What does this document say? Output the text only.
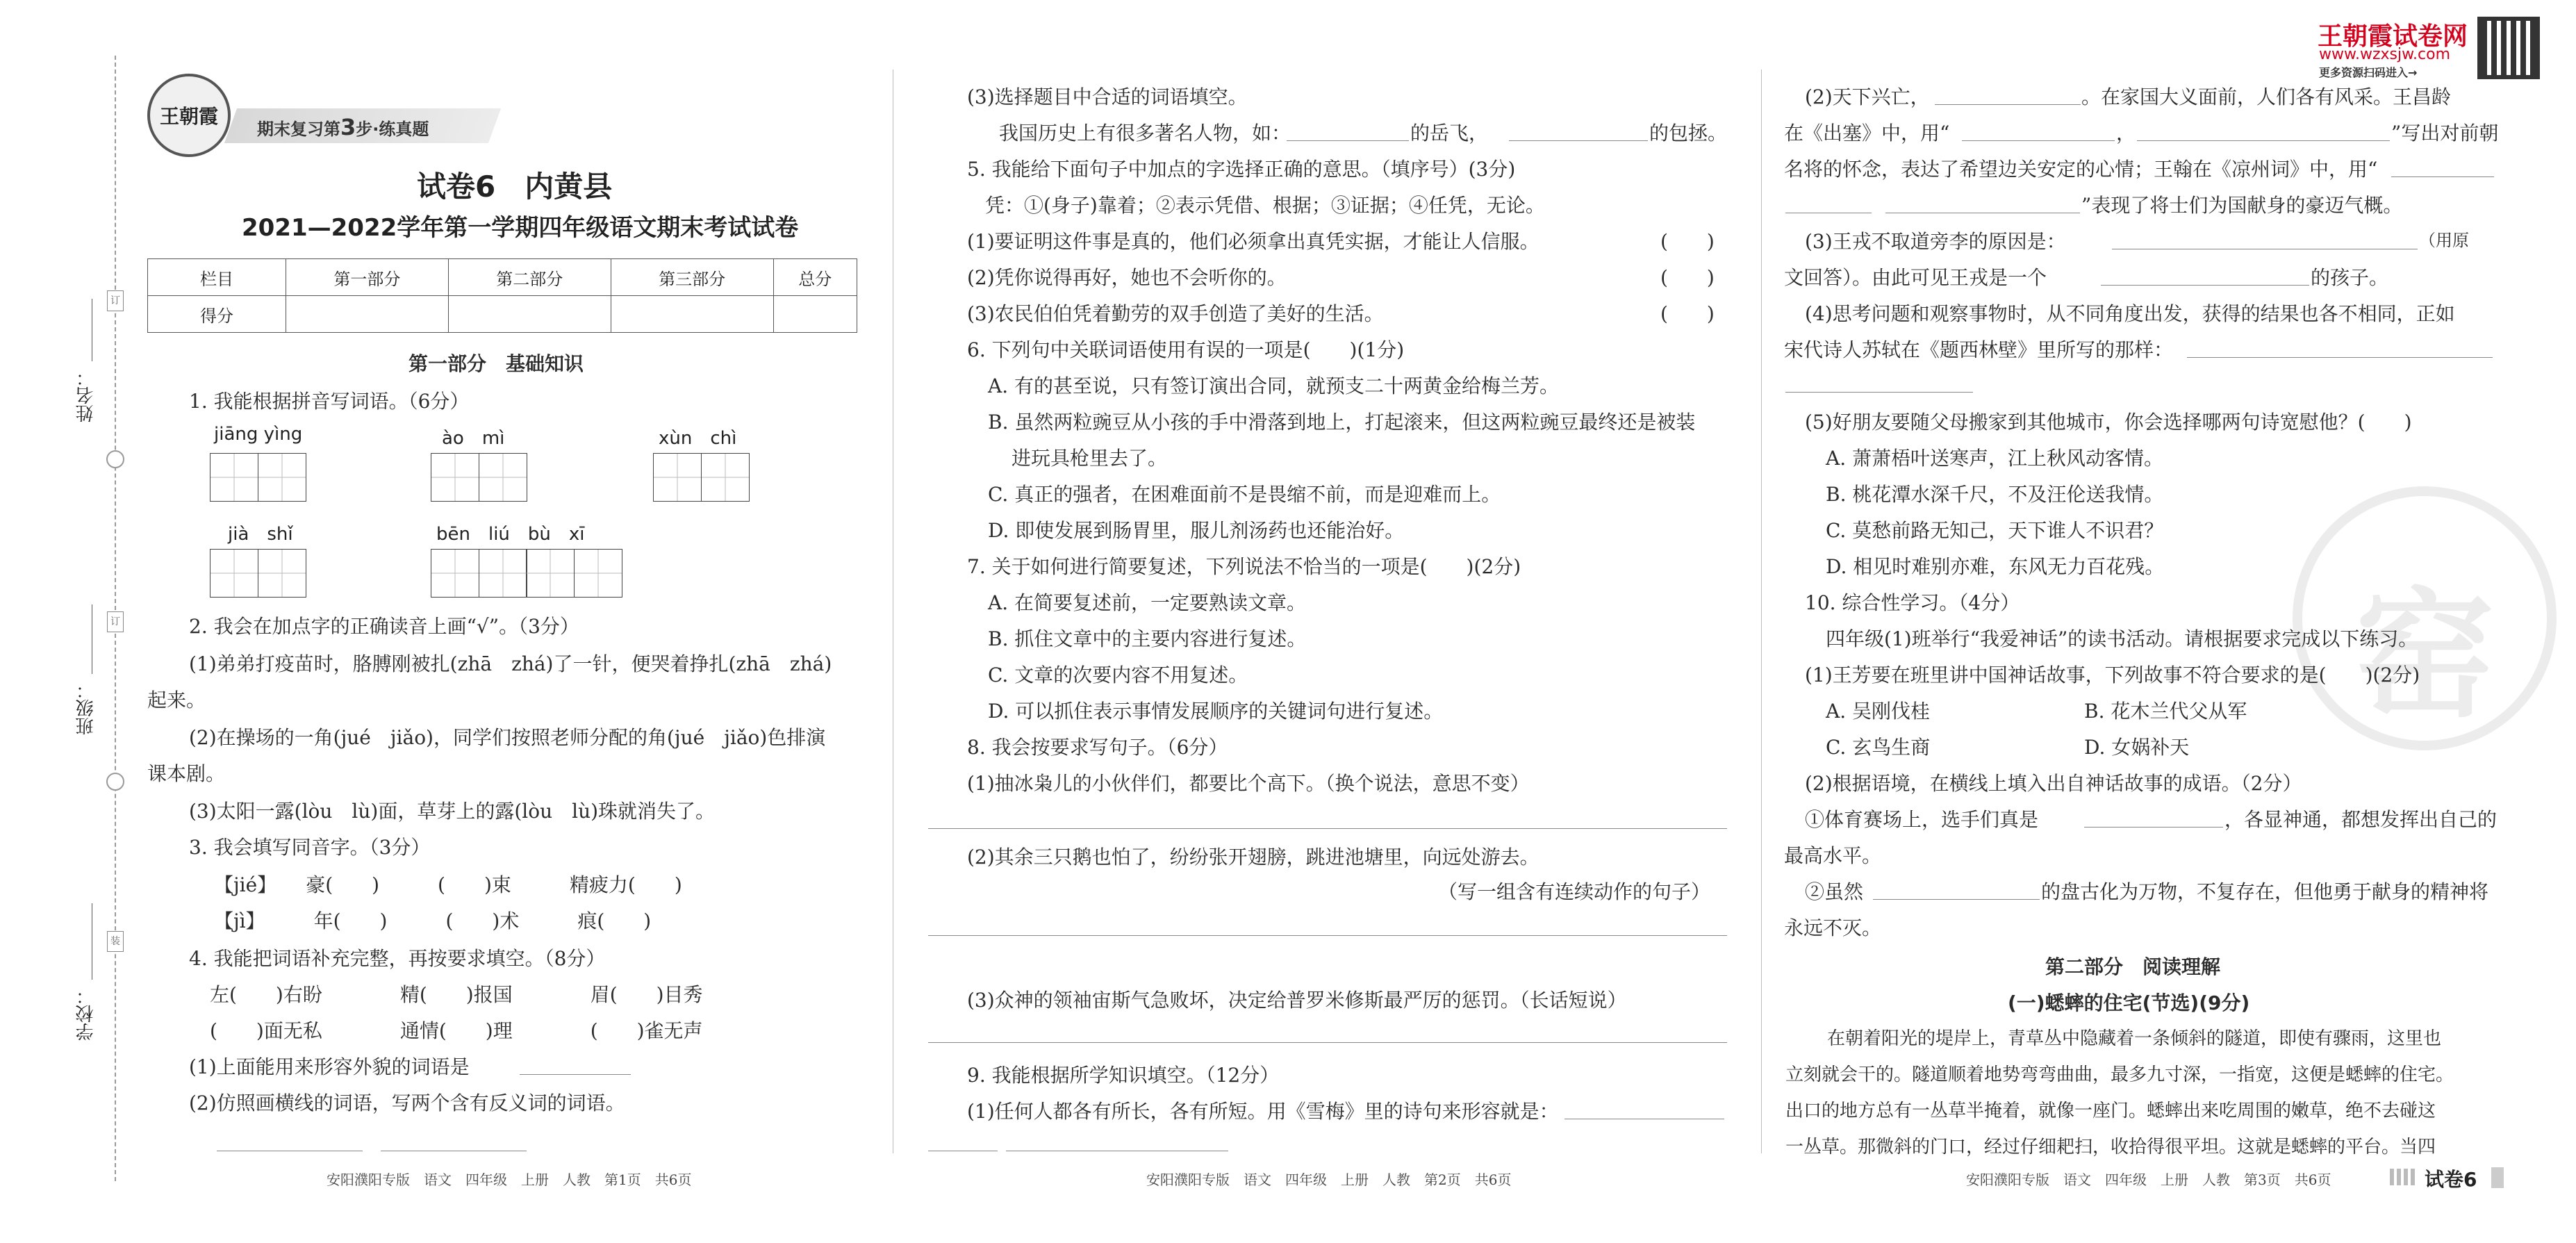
订
订
装
姓名：
班级：
学校：
王朝霞
期末复习第3步·练真题
试卷6　内黄县
2021—2022学年第一学期四年级语文期末考试试卷
栏目	第一部分	第二部分	第三部分	总分
得分				
第一部分　基础知识
1. 我能根据拼音写词语。（6分）
jiāng yìng	ào　mì	xùn　chì
jià　shǐ	bēn　liú　bù　xī
2. 我会在加点字的正确读音上画“√”。（3分）
(1)弟弟打疫苗时，胳膊刚被扎(zhā　zhá)了一针，便哭着挣扎(zhā　zhá)
起来。
(2)在操场的一角(jué　jiǎo)，同学们按照老师分配的角(jué　jiǎo)色排演
课本剧。
(3)太阳一露(lòu　lù)面，草芽上的露(lòu　lù)珠就消失了。
3. 我会填写同音字。（3分）
【jié】　　豪(　　)　　　(　　)束　　　精疲力(　　)
【jì】　　　年(　　)　　　(　　)术　　　痕(　　)
4. 我能把词语补充完整，再按要求填空。（8分）
左(　　)右盼　　　　精(　　)报国　　　　眉(　　)目秀
(　　)面无私　　　　通情(　　)理　　　　(　　)雀无声
(1)上面能用来形容外貌的词语是
(2)仿照画横线的词语，写两个含有反义词的词语。
安阳濮阳专版　语文　四年级　上册　人教　第1页　共6页
(3)选择题目中合适的词语填空。
我国历史上有很多著名人物，如：	的岳飞，	的包拯。
5. 我能给下面句子中加点的字选择正确的意思。（填序号）(3分)
凭：①(身子)靠着；②表示凭借、根据；③证据；④任凭，无论。
(1)要证明这件事是真的，他们必须拿出真凭实据，才能让人信服。	(　　)
(2)凭你说得再好，她也不会听你的。	(　　)
(3)农民伯伯凭着勤劳的双手创造了美好的生活。	(　　)
6. 下列句中关联词语使用有误的一项是(　　)(1分)
A. 有的甚至说，只有签订演出合同，就预支二十两黄金给梅兰芳。
B. 虽然两粒豌豆从小孩的手中滑落到地上，打起滚来，但这两粒豌豆最终还是被装
进玩具枪里去了。
C. 真正的强者，在困难面前不是畏缩不前，而是迎难而上。
D. 即使发展到肠胃里，服儿剂汤药也还能治好。
7. 关于如何进行简要复述，下列说法不恰当的一项是(　　)(2分)
A. 在简要复述前，一定要熟读文章。
B. 抓住文章中的主要内容进行复述。
C. 文章的次要内容不用复述。
D. 可以抓住表示事情发展顺序的关键词句进行复述。
8. 我会按要求写句子。（6分）
(1)抽冰枭儿的小伙伴们，都要比个高下。（换个说法，意思不变）
(2)其余三只鹅也怕了，纷纷张开翅膀，跳进池塘里，向远处游去。
（写一组含有连续动作的句子）
(3)众神的领袖宙斯气急败坏，决定给普罗米修斯最严厉的惩罚。（长话短说）
9. 我能根据所学知识填空。（12分）
(1)任何人都各有所长，各有所短。用《雪梅》里的诗句来形容就是：
安阳濮阳专版　语文　四年级　上册　人教　第2页　共6页
王朝霞试卷网
www.wzxsjw.com
更多资源扫码进入→
窑
(2)天下兴亡，	。在家国大义面前，人们各有风采。王昌龄
在《出塞》中，用“	，	”写出对前朝
名将的怀念，表达了希望边关安定的心情；王翰在《凉州词》中，用“
”表现了将士们为国献身的豪迈气概。
(3)王戎不取道旁李的原因是：	（用原
文回答）。由此可见王戎是一个	的孩子。
(4)思考问题和观察事物时，从不同角度出发，获得的结果也各不相同，正如
宋代诗人苏轼在《题西林壁》里所写的那样：
(5)好朋友要随父母搬家到其他城市，你会选择哪两句诗宽慰他？(　　)
A. 萧萧梧叶送寒声，江上秋风动客情。
B. 桃花潭水深千尺，不及汪伦送我情。
C. 莫愁前路无知己，天下谁人不识君？
D. 相见时难别亦难，东风无力百花残。
10. 综合性学习。（4分）
四年级(1)班举行“我爱神话”的读书活动。请根据要求完成以下练习。
(1)王芳要在班里讲中国神话故事，下列故事不符合要求的是(　　)(2分)
A. 吴刚伐桂	B. 花木兰代父从军
C. 玄鸟生商	D. 女娲补天
(2)根据语境，在横线上填入出自神话故事的成语。（2分）
①体育赛场上，选手们真是	，各显神通，都想发挥出自己的
最高水平。
②虽然	的盘古化为万物，不复存在，但他勇于献身的精神将
永远不灭。
第二部分　阅读理解
(一)蟋蟀的住宅(节选)(9分)
在朝着阳光的堤岸上，青草丛中隐藏着一条倾斜的隧道，即使有骤雨，这里也
立刻就会干的。隧道顺着地势弯弯曲曲，最多九寸深，一指宽，这便是蟋蟀的住宅。
出口的地方总有一丛草半掩着，就像一座门。蟋蟀出来吃周围的嫩草，绝不去碰这
一丛草。那微斜的门口，经过仔细耙扫，收拾得很平坦。这就是蟋蟀的平台。当四
安阳濮阳专版　语文　四年级　上册　人教　第3页　共6页	试卷6
